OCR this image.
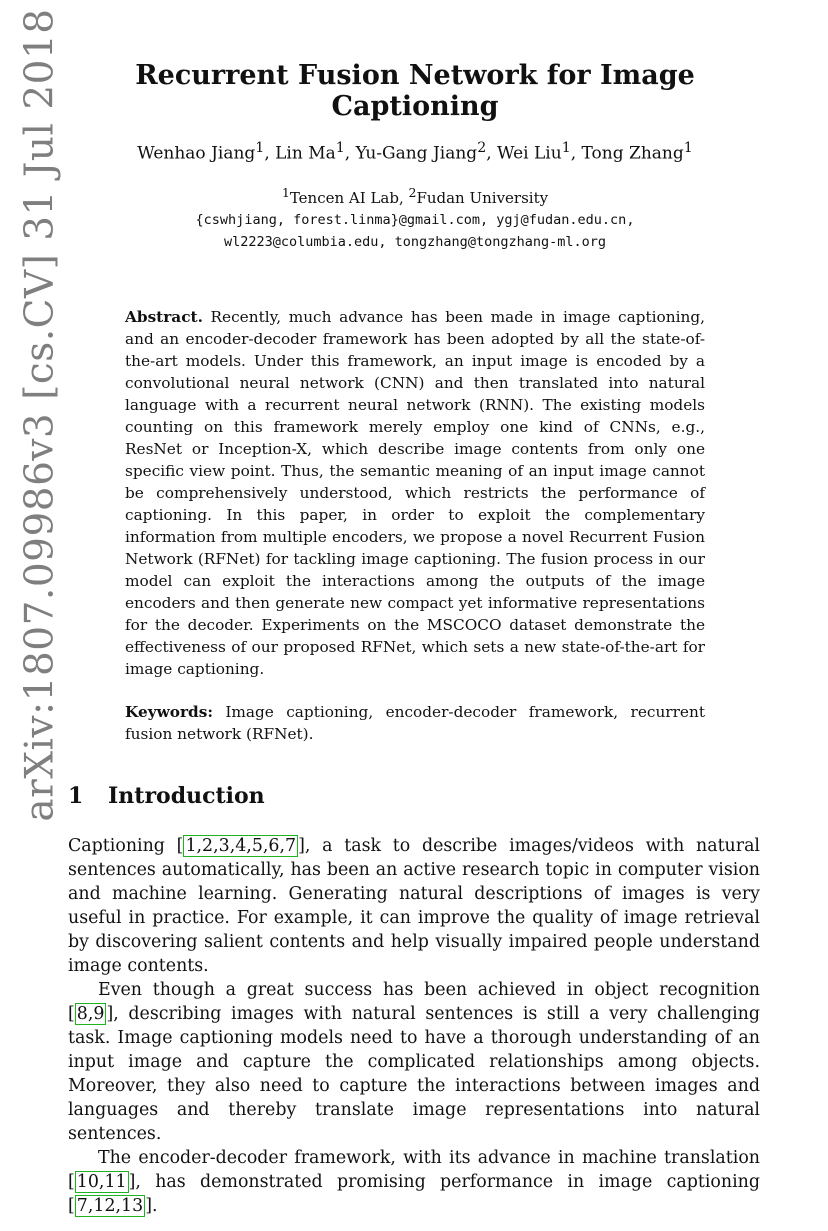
arXiv:1807.09986v3 [cs.CV] 31 Jul 2018	Recurrent Fusion Network for Image Captioning
Wenhao Jiang$^1$, Lin Ma$^1$, Yu-Gang Jiang$^2$, Wei Liu$^1$, Tong Zhang$^1$
$^1$Tencen AI Lab, $^2$Fudan University
{cswhjiang, forest.linma}@gmail.com, ygj@fudan.edu.cn,
wl2223@columbia.edu, tongzhang@tongzhang-ml.org
Abstract. Recently, much advance has been made in image captioning, and an encoder-decoder framework has been adopted by all the state-of-the-art models. Under this framework, an input image is encoded by a convolutional neural network (CNN) and then translated into natural language with a recurrent neural network (RNN). The existing models counting on this framework merely employ one kind of CNNs, e.g., ResNet or Inception-X, which describe image contents from only one specific view point. Thus, the semantic meaning of an input image cannot be comprehensively understood, which restricts the performance of captioning. In this paper, in order to exploit the complementary information from multiple encoders, we propose a novel Recurrent Fusion Network (RFNet) for tackling image captioning. The fusion process in our model can exploit the interactions among the outputs of the image encoders and then generate new compact yet informative representations for the decoder. Experiments on the MSCOCO dataset demonstrate the effectiveness of our proposed RFNet, which sets a new state-of-the-art for image captioning.
Keywords: Image captioning, encoder-decoder framework, recurrent fusion network (RFNet).
1 Introduction

Captioning [ 1,2,3,4,5,6,7 ], a task to describe images/videos with natural sentences automatically, has been an active research topic in computer vision and machine learning. Generating natural descriptions of images is very useful in practice. For example, it can improve the quality of image retrieval by discovering salient contents and help visually impaired people understand image contents.

Even though a great success has been achieved in object recognition [ 8,9 ], describing images with natural sentences is still a very challenging task. Image captioning models need to have a thorough understanding of an input image and capture the complicated relationships among objects. Moreover, they also need to capture the interactions between images and languages and thereby translate image representations into natural sentences.

The encoder-decoder framework, with its advance in machine translation [ 10,11 ], has demonstrated promising performance in image captioning [ 7,12,13 ].
